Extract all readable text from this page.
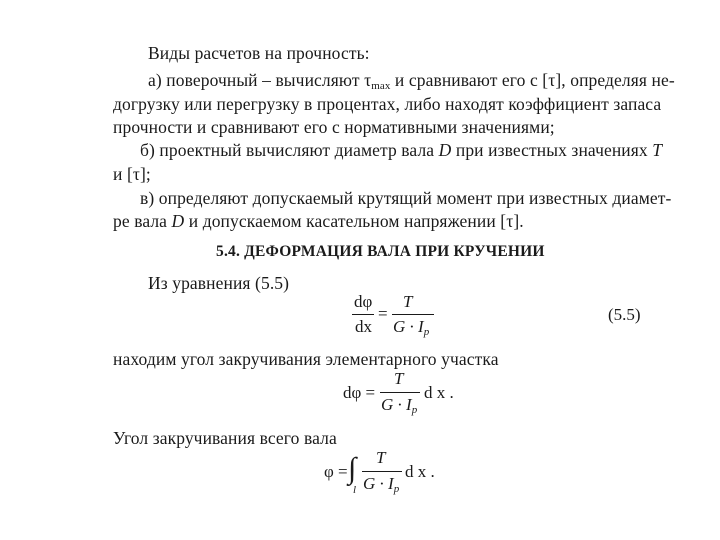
Виды расчетов на прочность:
а) поверочный – вычисляют $\tau_{max}$ и сравнивают его с [τ], определяя не-
догрузку или перегрузку в процентах, либо находят коэффициент запаса
прочности и сравнивают его с нормативными значениями;
б) проектный вычисляют диаметр вала D при известных значениях T
и [τ];
в) определяют допускаемый крутящий момент при известных диамет-
ре вала D и допускаемом касательном напряжении [τ].
5.4. ДЕФОРМАЦИЯ ВАЛА ПРИ КРУЧЕНИИ
Из уравнения (5.5)
dφ
dx
=
T
$G \cdot I_p$
(5.5)
находим угол закручивания элементарного участка
dφ =
T
$G \cdot I_p$
d x .
Угол закручивания всего вала
φ = ∫
l
T
$G \cdot I_p$
d x .
